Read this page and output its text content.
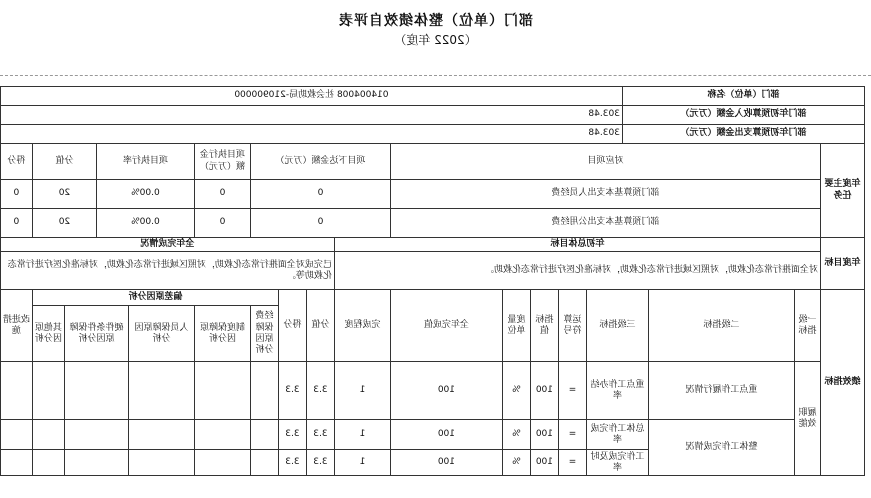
部门（单位）整体绩效自评表
（2022 年度）
部门（单位）名称				014004008 社会救助局-210900000														
部门年初预算收入金额（万元）				303.48														
部门年初预算支出金额（万元）				303.48														
年度主要任务	对应项目								项目下达金额（万元）				项目执行金额（万元）	项目执行率		分值		得分
	部门预算基本支出人员经费								0				0	0.00%		20		0
	部门预算基本支出公用经费								0				0	0.00%		20		0
年度目标	年初总体目标									全年完成情况								
	对全面推行常态化救助，对照区域进行常态化救助，对标准化医疗进行常态化救助。									已完成对全面推行常态化救助，对照区域进行常态化救助，对标准化医疗进行常态化救助等。								
绩效指标	一级指标	二级指标	三级指标		运算符号	指标值	度量单位	全年完成值	完成程度	分值	得分	偏差原因分析						改进措施
												经费保障原因分析	制度保障原因分析	人员保障原因分析	硬件条件保障原因分析		其他原因分析	
	履职效能	重点工作履行情况	重点工作办结率		=	100	%	100	1	3.3	3.3							
		整体工作完成情况	总体工作完成率		=	100	%	100	1	3.3	3.3							
			工作完成及时率		=	100	%	100	1	3.3	3.3							
